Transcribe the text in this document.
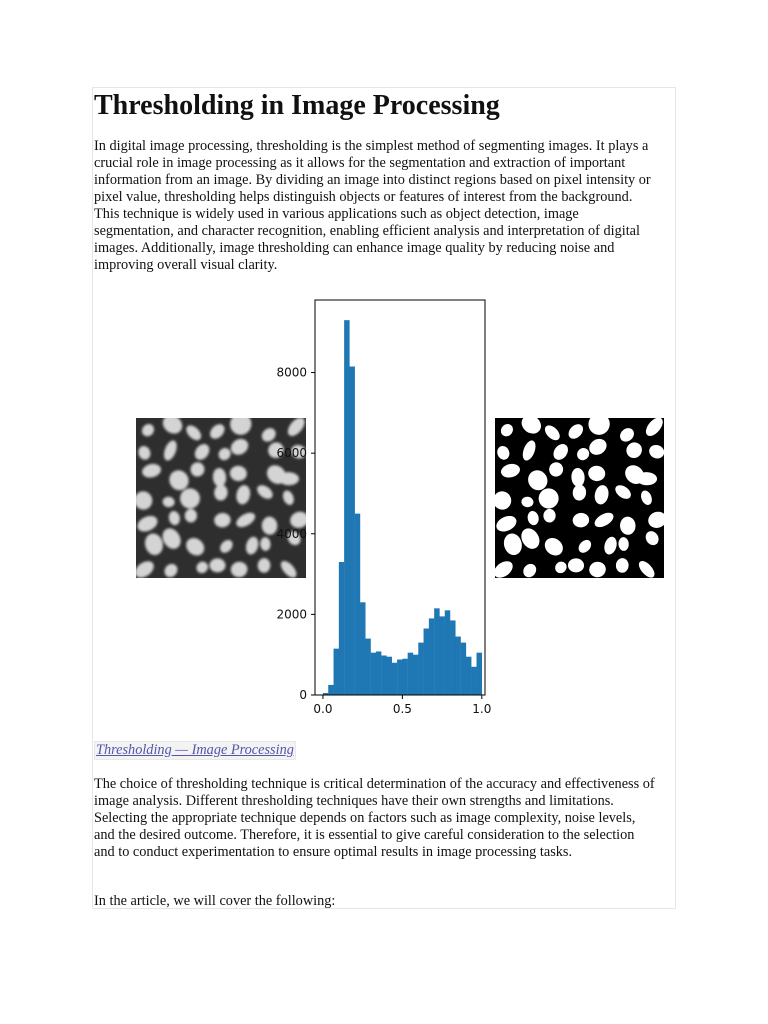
Thresholding in Image Processing

In digital image processing, thresholding is the simplest method of segmenting images. It plays a crucial role in image processing as it allows for the segmentation and extraction of important information from an image. By dividing an image into distinct regions based on pixel intensity or pixel value, thresholding helps distinguish objects or features of interest from the background. This technique is widely used in various applications such as object detection, image segmentation, and character recognition, enabling efficient analysis and interpretation of digital images. Additionally, image thresholding can enhance image quality by reducing noise and improving overall visual clarity.

0
2000
4000
6000
8000
0.0	0.5	1.0
Thresholding — Image Processing

The choice of thresholding technique is critical determination of the accuracy and effectiveness of image analysis. Different thresholding techniques have their own strengths and limitations. Selecting the appropriate technique depends on factors such as image complexity, noise levels, and the desired outcome. Therefore, it is essential to give careful consideration to the selection and to conduct experimentation to ensure optimal results in image processing tasks.

In the article, we will cover the following:
